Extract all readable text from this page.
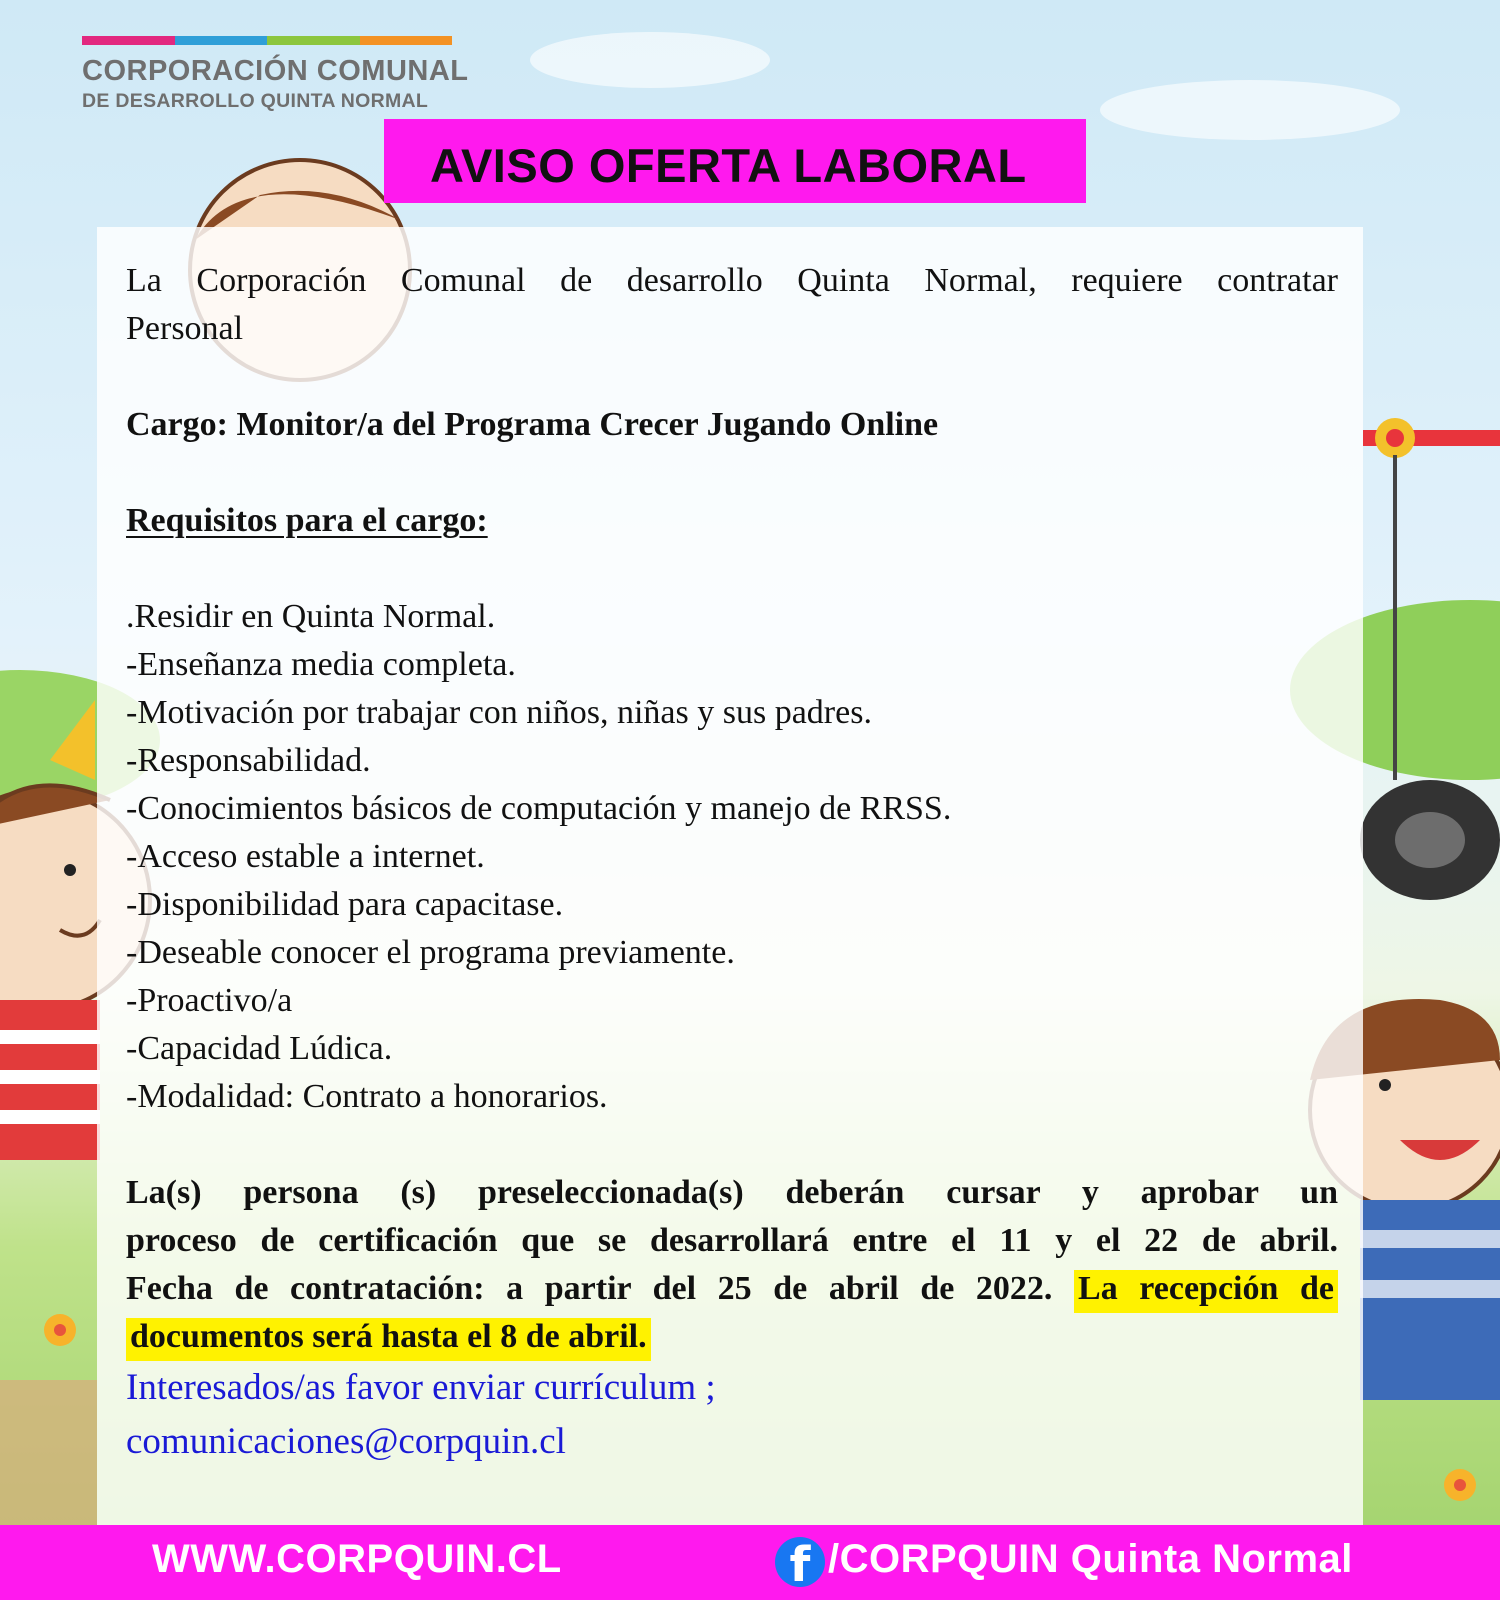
CORPORACIÓN COMUNAL
DE DESARROLLO QUINTA NORMAL
AVISO OFERTA LABORAL

La Corporación Comunal de desarrollo Quinta Normal, requiere contratar

Personal

Cargo: Monitor/a del Programa Crecer Jugando Online

Requisitos para el cargo:

.Residir en Quinta Normal.

-Enseñanza media completa.

-Motivación por trabajar con niños, niñas y sus padres.

-Responsabilidad.

-Conocimientos básicos de computación y manejo de RRSS.

-Acceso estable a internet.

-Disponibilidad para capacitase.

-Deseable conocer el programa previamente.

-Proactivo/a

-Capacidad Lúdica.

-Modalidad: Contrato a honorarios.

La(s) persona (s) preseleccionada(s) deberán cursar y aprobar un

proceso de certificación que se desarrollará entre el 11 y el 22 de abril.

Fecha de contratación: a partir del 25 de abril de 2022. La recepción de

documentos será hasta el 8 de abril.

Interesados/as favor enviar currículum ;

comunicaciones@corpquin.cl

WWW.CORPQUIN.CL	f /CORPQUIN Quinta Normal
